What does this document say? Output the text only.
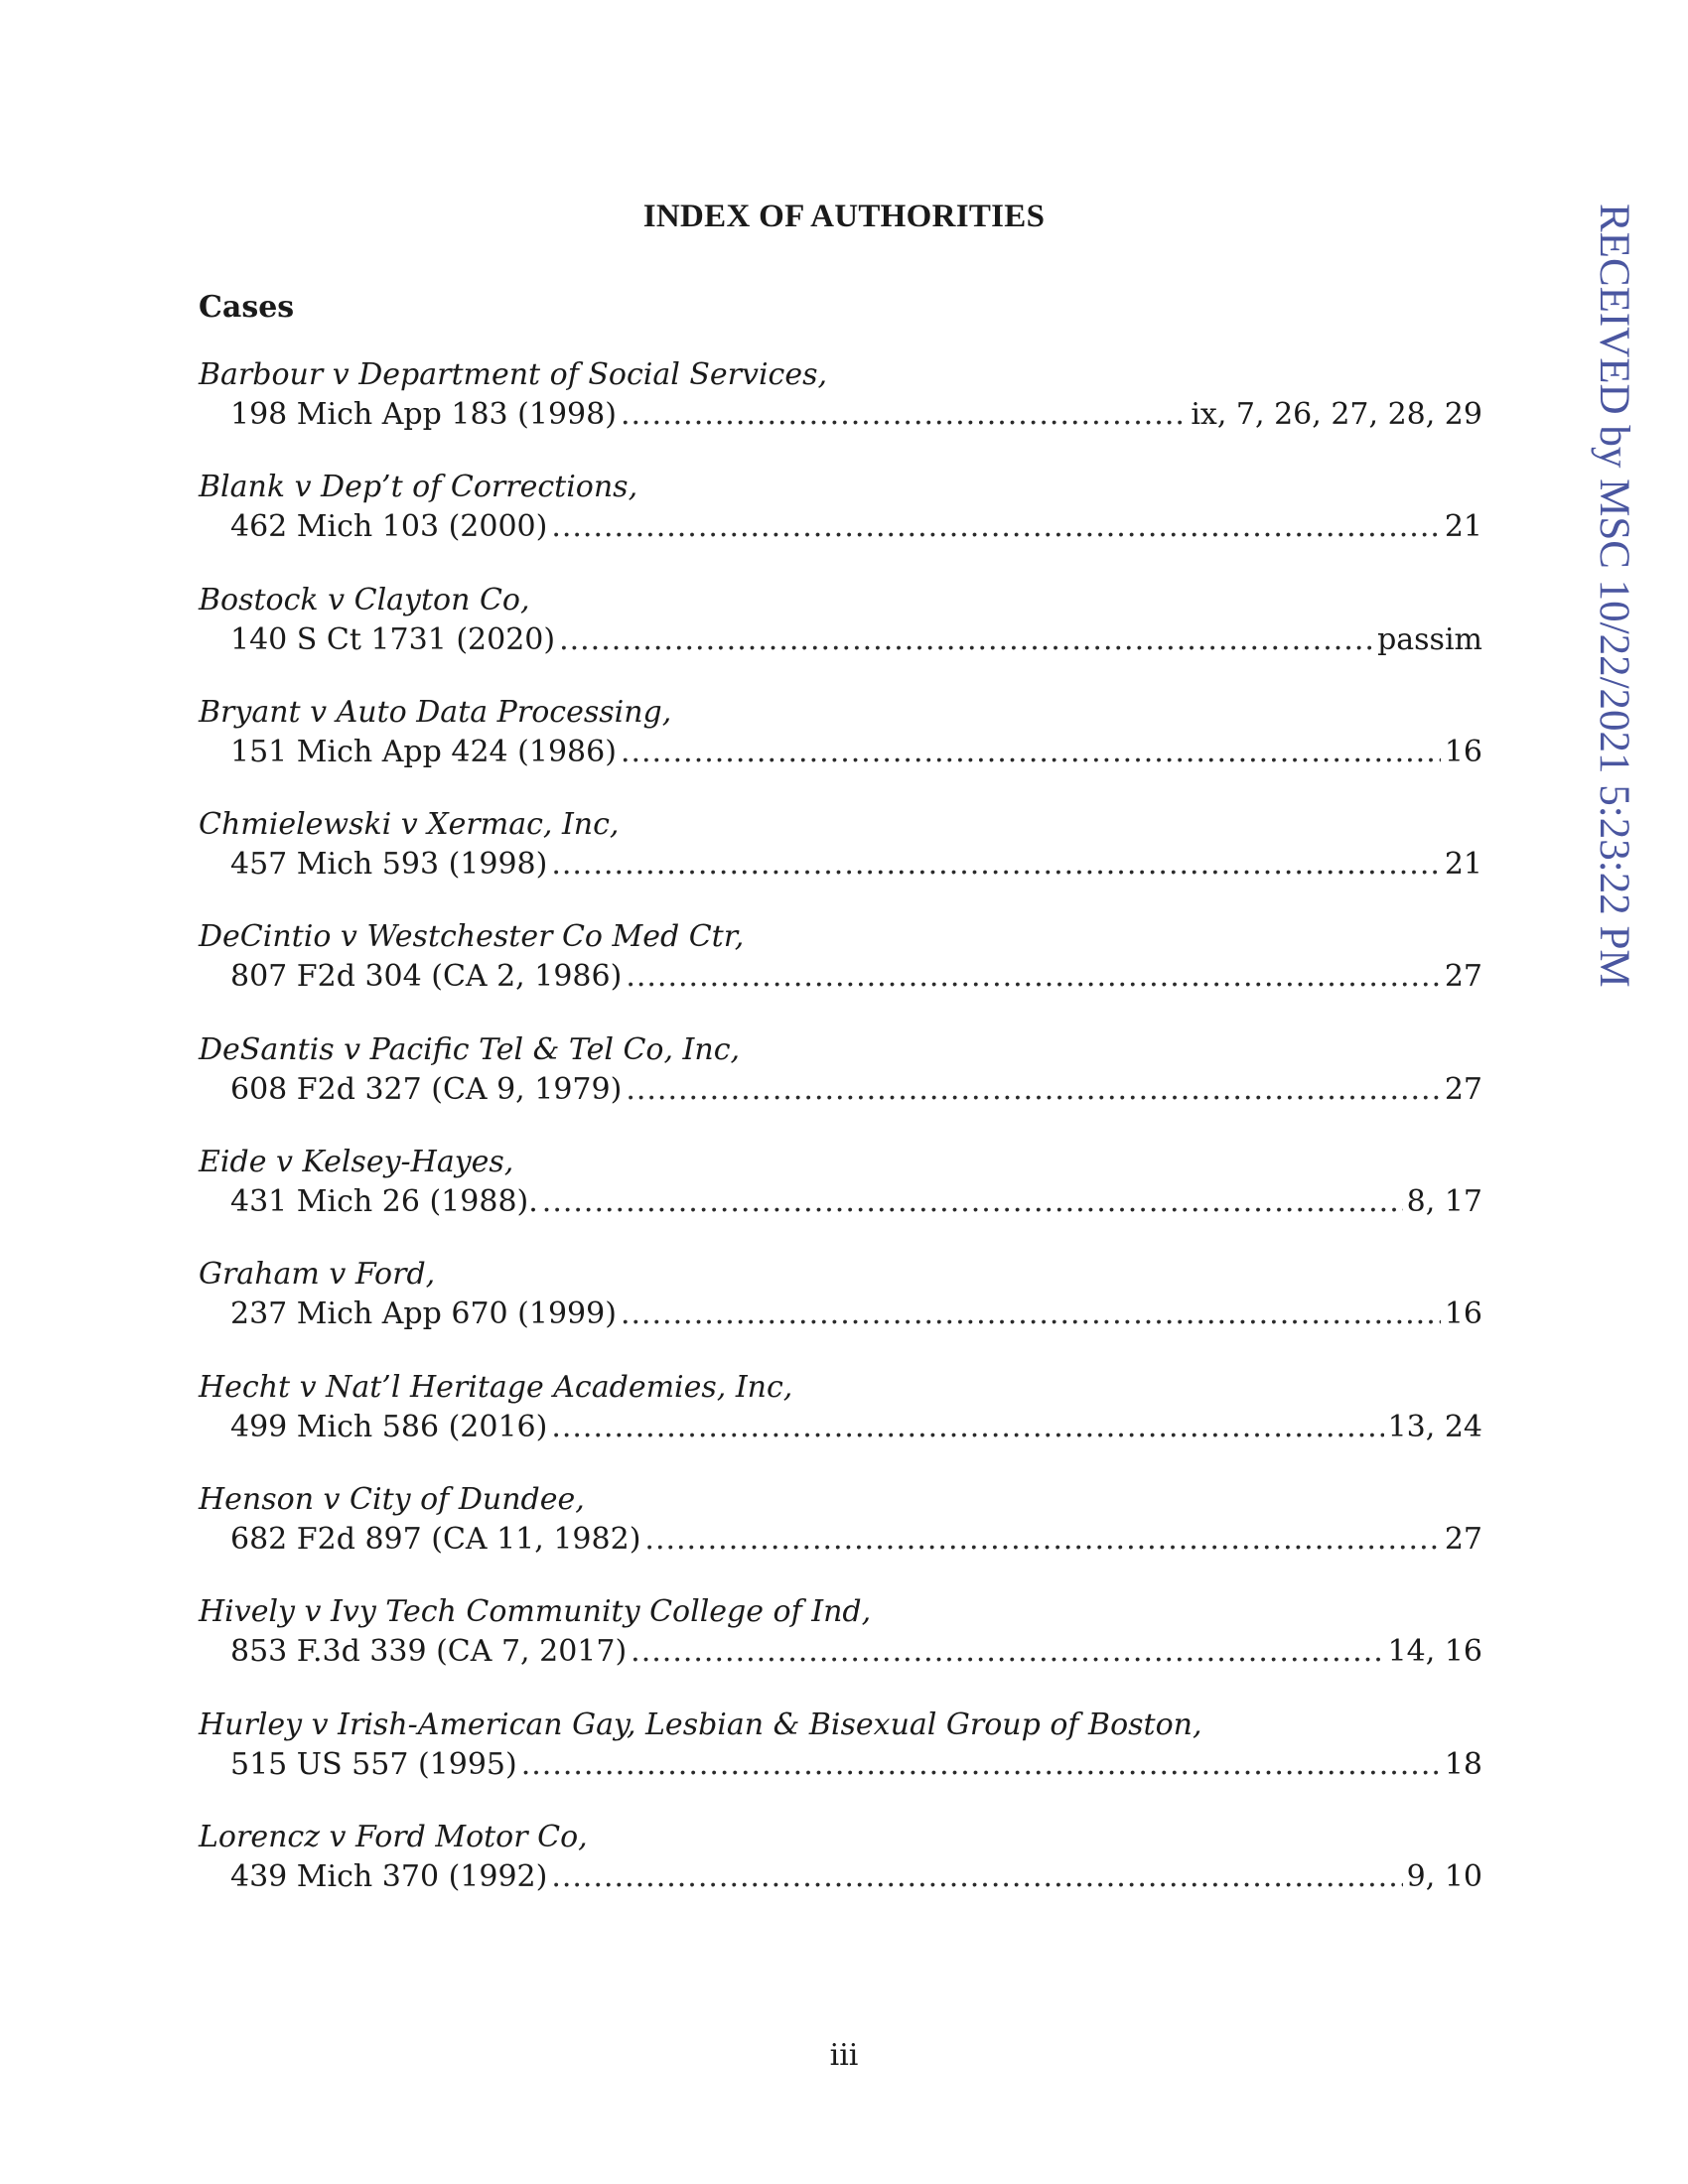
INDEX OF AUTHORITIES
Cases
Barbour v Department of Social Services,
198 Mich App 183 (1998) .....	ix, 7, 26, 27, 28, 29
Blank v Dep’t of Corrections,
462 Mich 103 (2000) .....	21
Bostock v Clayton Co,
140 S Ct 1731 (2020) .....	passim
Bryant v Auto Data Processing,
151 Mich App 424 (1986) .....	16
Chmielewski v Xermac, Inc,
457 Mich 593 (1998) .....	21
DeCintio v Westchester Co Med Ctr,
807 F2d 304 (CA 2, 1986) .....	27
DeSantis v Pacific Tel & Tel Co, Inc,
608 F2d 327 (CA 9, 1979) .....	27
Eide v Kelsey-Hayes,
431 Mich 26 (1988). .....	8, 17
Graham v Ford,
237 Mich App 670 (1999) .....	16
Hecht v Nat’l Heritage Academies, Inc,
499 Mich 586 (2016) .....	13, 24
Henson v City of Dundee,
682 F2d 897 (CA 11, 1982) .....	27
Hively v Ivy Tech Community College of Ind,
853 F.3d 339 (CA 7, 2017) .....	14, 16
Hurley v Irish-American Gay, Lesbian & Bisexual Group of Boston,
515 US 557 (1995) .....	18
Lorencz v Ford Motor Co,
439 Mich 370 (1992) .....	9, 10
RECEIVED by MSC 10/22/2021 5:23:22 PM
iii
